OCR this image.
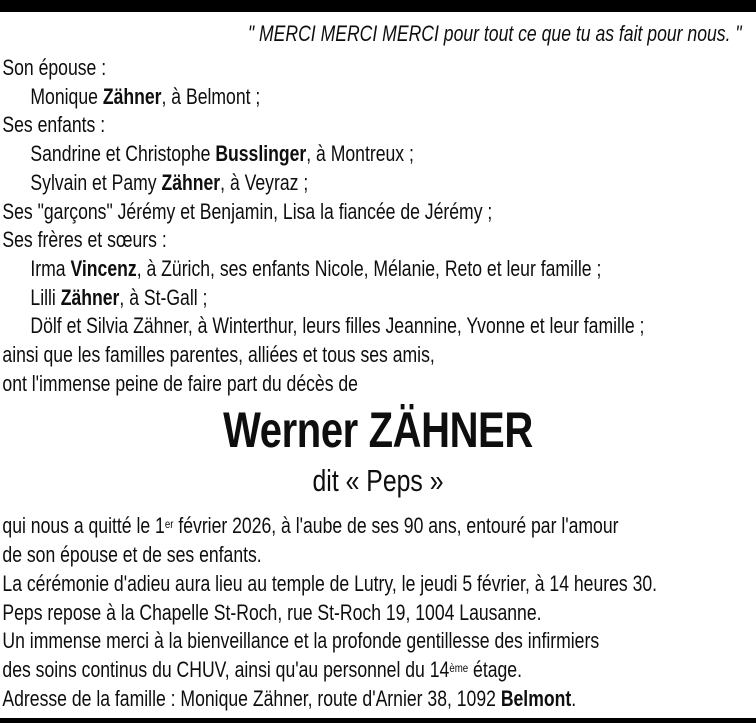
" MERCI MERCI MERCI pour tout ce que tu as fait pour nous. "
Son épouse :
Monique Zähner, à Belmont ;
Ses enfants :
Sandrine et Christophe Busslinger, à Montreux ;
Sylvain et Pamy Zähner, à Veyraz ;
Ses "garçons" Jérémy et Benjamin, Lisa la fiancée de Jérémy ;
Ses frères et sœurs :
Irma Vincenz, à Zürich, ses enfants Nicole, Mélanie, Reto et leur famille ;
Lilli Zähner, à St-Gall ;
Dölf et Silvia Zähner, à Winterthur, leurs filles Jeannine, Yvonne et leur famille ;
ainsi que les familles parentes, alliées et tous ses amis,
ont l'immense peine de faire part du décès de
Werner ZÄHNER
dit « Peps »
qui nous a quitté le 1er février 2026, à l'aube de ses 90 ans, entouré par l'amour
de son épouse et de ses enfants.
La cérémonie d'adieu aura lieu au temple de Lutry, le jeudi 5 février, à 14 heures 30.
Peps repose à la Chapelle St-Roch, rue St-Roch 19, 1004 Lausanne.
Un immense merci à la bienveillance et la profonde gentillesse des infirmiers
des soins continus du CHUV, ainsi qu'au personnel du 14ème étage.
Adresse de la famille : Monique Zähner, route d'Arnier 38, 1092 Belmont.
